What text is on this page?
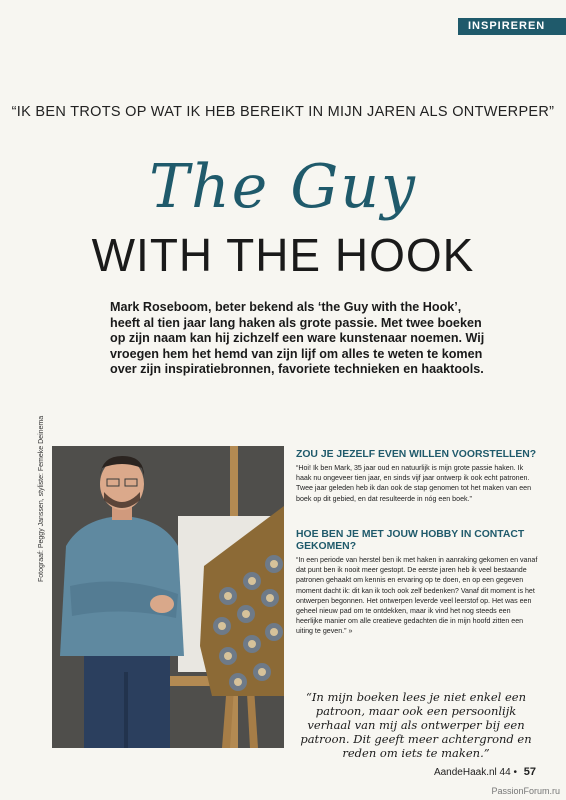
INSPIREREN
“IK BEN TROTS OP WAT IK HEB BEREIKT IN MIJN JAREN ALS ONTWERPER”
The Guy
WITH THE HOOK
Mark Roseboom, beter bekend als ‘the Guy with the Hook’, heeft al tien jaar lang haken als grote passie. Met twee boeken op zijn naam kan hij zichzelf een ware kunstenaar noemen. Wij vroegen hem het hemd van zijn lijf om alles te weten te komen over zijn inspiratiebronnen, favoriete technieken en haaktools.
Fotograaf: Peggy Janssen, styliste: Femeke Deinema	ZOU JE JEZELF EVEN WILLEN VOORSTELLEN?
“Hoi! Ik ben Mark, 35 jaar oud en natuurlijk is mijn grote passie haken. Ik haak nu ongeveer tien jaar, en sinds vijf jaar ontwerp ik ook echt patronen. Twee jaar geleden heb ik dan ook de stap genomen tot het maken van een boek op dit gebied, en dat resulteerde in nóg een boek.”
HOE BEN JE MET JOUW HOBBY IN CONTACT GEKOMEN?
“In een periode van herstel ben ik met haken in aanraking gekomen en vanaf dat punt ben ik nooit meer gestopt. De eerste jaren heb ik veel bestaande patronen gehaakt om kennis en ervaring op te doen, en op een gegeven moment dacht ik: dit kan ik toch ook zelf bedenken? Vanaf dit moment is het ontwerpen begonnen. Het ontwerpen leverde veel leerstof op. Het was een geheel nieuw pad om te ontdekken, maar ik vind het nog steeds een heerlijke manier om alle creatieve gedachten die in mijn hoofd zitten een uiting te geven.” »
“In mijn boeken lees je niet enkel een patroon, maar ook een persoonlijk verhaal van mij als ontwerper bij een patroon. Dit geeft meer achtergrond en reden om iets te maken.”
AandeHaak.nl 44 • 57
PassionForum.ru
